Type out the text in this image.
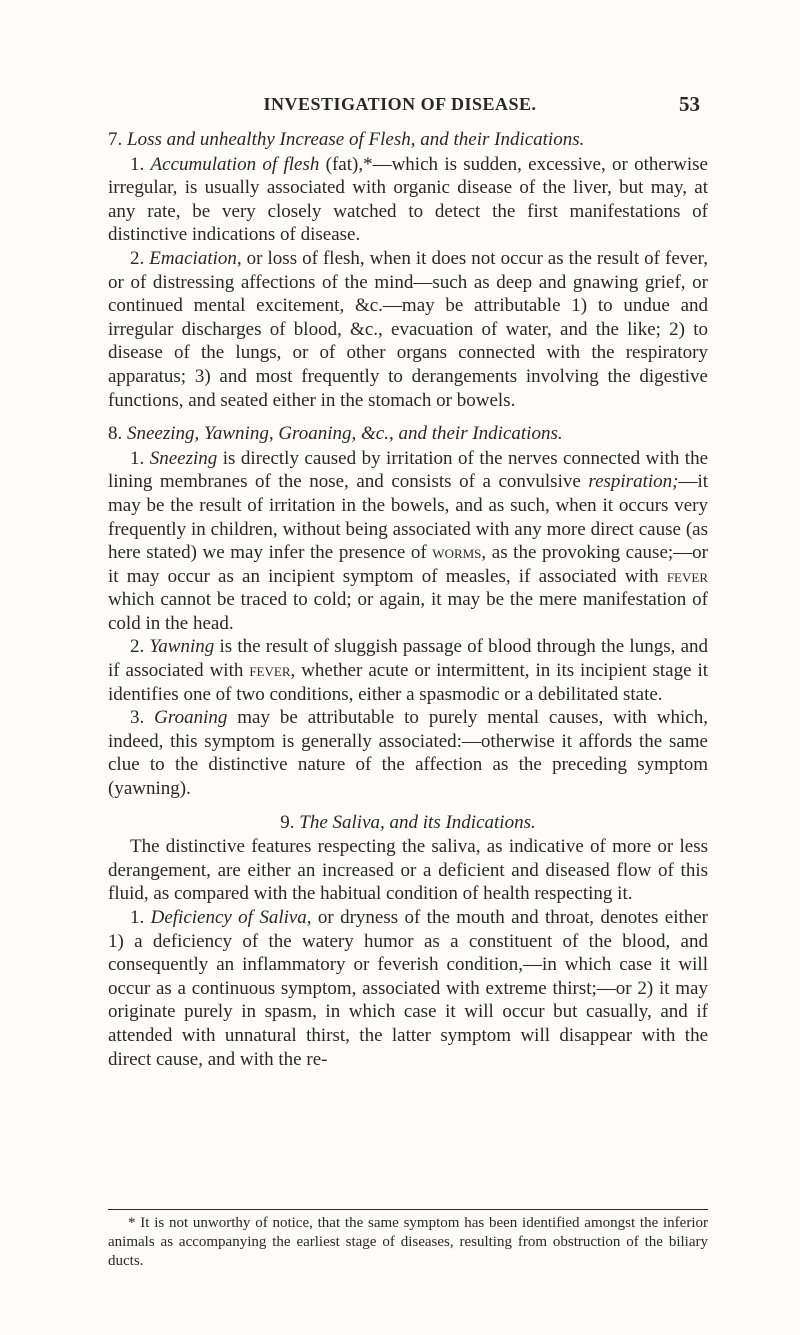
INVESTIGATION OF DISEASE.	53

7. Loss and unhealthy Increase of Flesh, and their Indications.

1. Accumulation of flesh (fat),*—which is sudden, excessive, or otherwise irregular, is usually associated with organic disease of the liver, but may, at any rate, be very closely watched to detect the first manifestations of distinctive indications of disease.

2. Emaciation, or loss of flesh, when it does not occur as the result of fever, or of distressing affections of the mind—such as deep and gnawing grief, or continued mental excitement, &c.—may be attributable 1) to undue and irregular discharges of blood, &c., evacuation of water, and the like; 2) to disease of the lungs, or of other organs connected with the respiratory apparatus; 3) and most frequently to derangements involving the digestive functions, and seated either in the stomach or bowels.

8. Sneezing, Yawning, Groaning, &c., and their Indications.

1. Sneezing is directly caused by irritation of the nerves connected with the lining membranes of the nose, and consists of a convulsive respiration;—it may be the result of irritation in the bowels, and as such, when it occurs very frequently in children, without being associated with any more direct cause (as here stated) we may infer the presence of worms, as the provoking cause;—or it may occur as an incipient symptom of measles, if associated with fever which cannot be traced to cold; or again, it may be the mere manifestation of cold in the head.

2. Yawning is the result of sluggish passage of blood through the lungs, and if associated with fever, whether acute or intermittent, in its incipient stage it identifies one of two conditions, either a spasmodic or a debilitated state.

3. Groaning may be attributable to purely mental causes, with which, indeed, this symptom is generally associated:—otherwise it affords the same clue to the distinctive nature of the affection as the preceding symptom (yawning).

9. The Saliva, and its Indications.

The distinctive features respecting the saliva, as indicative of more or less derangement, are either an increased or a deficient and diseased flow of this fluid, as compared with the habitual condition of health respecting it.

1. Deficiency of Saliva, or dryness of the mouth and throat, denotes either 1) a deficiency of the watery humor as a constituent of the blood, and consequently an inflammatory or feverish condition,—in which case it will occur as a continuous symptom, associated with extreme thirst;—or 2) it may originate purely in spasm, in which case it will occur but casually, and if attended with unnatural thirst, the latter symptom will disappear with the direct cause, and with the re-

* It is not unworthy of notice, that the same symptom has been identified amongst the inferior animals as accompanying the earliest stage of diseases, resulting from obstruction of the biliary ducts.
